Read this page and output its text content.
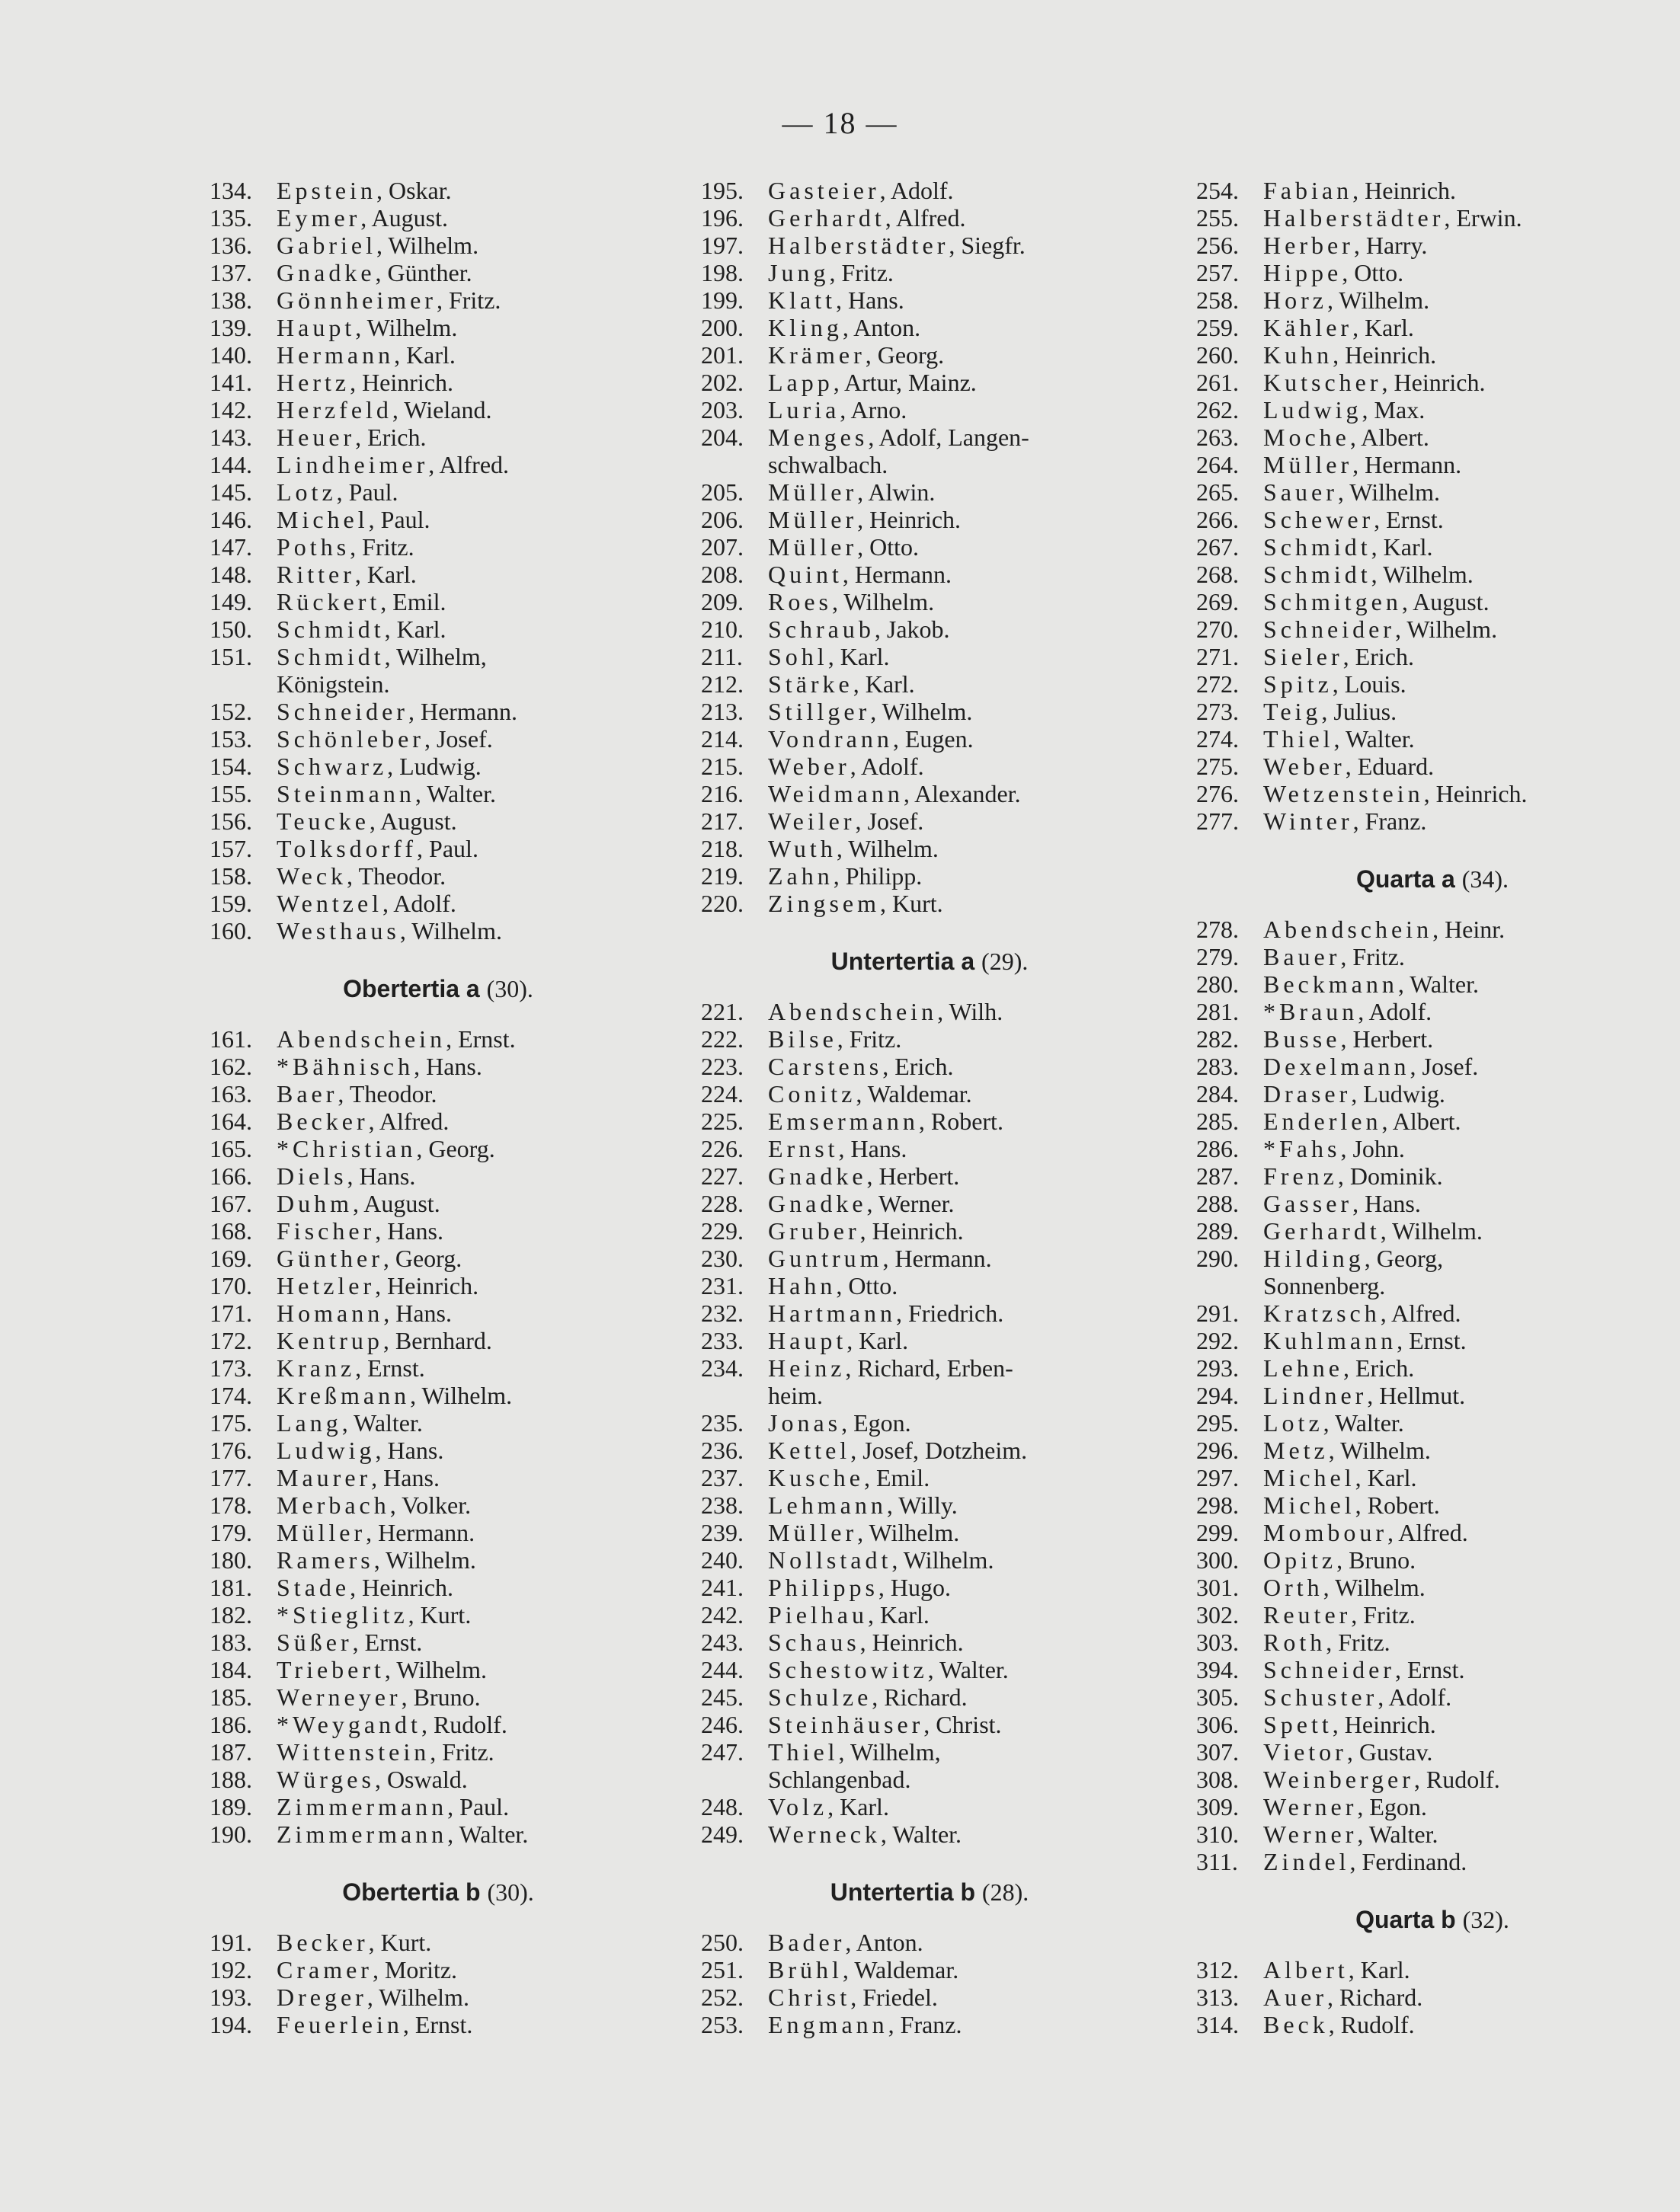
— 18 —
134.	Epstein, Oskar.
135.	Eymer, August.
136.	Gabriel, Wilhelm.
137.	Gnadke, Günther.
138.	Gönnheimer, Fritz.
139.	Haupt, Wilhelm.
140.	Hermann, Karl.
141.	Hertz, Heinrich.
142.	Herzfeld, Wieland.
143.	Heuer, Erich.
144.	Lindheimer, Alfred.
145.	Lotz, Paul.
146.	Michel, Paul.
147.	Poths, Fritz.
148.	Ritter, Karl.
149.	Rückert, Emil.
150.	Schmidt, Karl.
151.	Schmidt, Wilhelm,
Königstein.
152.	Schneider, Hermann.
153.	Schönleber, Josef.
154.	Schwarz, Ludwig.
155.	Steinmann, Walter.
156.	Teucke, August.
157.	Tolksdorff, Paul.
158.	Weck, Theodor.
159.	Wentzel, Adolf.
160.	Westhaus, Wilhelm.
Obertertia a (30).
161.	Abendschein, Ernst.
162.	*Bähnisch, Hans.
163.	Baer, Theodor.
164.	Becker, Alfred.
165.	*Christian, Georg.
166.	Diels, Hans.
167.	Duhm, August.
168.	Fischer, Hans.
169.	Günther, Georg.
170.	Hetzler, Heinrich.
171.	Homann, Hans.
172.	Kentrup, Bernhard.
173.	Kranz, Ernst.
174.	Kreßmann, Wilhelm.
175.	Lang, Walter.
176.	Ludwig, Hans.
177.	Maurer, Hans.
178.	Merbach, Volker.
179.	Müller, Hermann.
180.	Ramers, Wilhelm.
181.	Stade, Heinrich.
182.	*Stieglitz, Kurt.
183.	Süßer, Ernst.
184.	Triebert, Wilhelm.
185.	Werneyer, Bruno.
186.	*Weygandt, Rudolf.
187.	Wittenstein, Fritz.
188.	Würges, Oswald.
189.	Zimmermann, Paul.
190.	Zimmermann, Walter.
Obertertia b (30).
191.	Becker, Kurt.
192.	Cramer, Moritz.
193.	Dreger, Wilhelm.
194.	Feuerlein, Ernst.
195.	Gasteier, Adolf.
196.	Gerhardt, Alfred.
197.	Halberstädter, Siegfr.
198.	Jung, Fritz.
199.	Klatt, Hans.
200.	Kling, Anton.
201.	Krämer, Georg.
202.	Lapp, Artur, Mainz.
203.	Luria, Arno.
204.	Menges, Adolf, Langen-
schwalbach.
205.	Müller, Alwin.
206.	Müller, Heinrich.
207.	Müller, Otto.
208.	Quint, Hermann.
209.	Roes, Wilhelm.
210.	Schraub, Jakob.
211.	Sohl, Karl.
212.	Stärke, Karl.
213.	Stillger, Wilhelm.
214.	Vondrann, Eugen.
215.	Weber, Adolf.
216.	Weidmann, Alexander.
217.	Weiler, Josef.
218.	Wuth, Wilhelm.
219.	Zahn, Philipp.
220.	Zingsem, Kurt.
Untertertia a (29).
221.	Abendschein, Wilh.
222.	Bilse, Fritz.
223.	Carstens, Erich.
224.	Conitz, Waldemar.
225.	Emsermann, Robert.
226.	Ernst, Hans.
227.	Gnadke, Herbert.
228.	Gnadke, Werner.
229.	Gruber, Heinrich.
230.	Guntrum, Hermann.
231.	Hahn, Otto.
232.	Hartmann, Friedrich.
233.	Haupt, Karl.
234.	Heinz, Richard, Erben-
heim.
235.	Jonas, Egon.
236.	Kettel, Josef, Dotzheim.
237.	Kusche, Emil.
238.	Lehmann, Willy.
239.	Müller, Wilhelm.
240.	Nollstadt, Wilhelm.
241.	Philipps, Hugo.
242.	Pielhau, Karl.
243.	Schaus, Heinrich.
244.	Schestowitz, Walter.
245.	Schulze, Richard.
246.	Steinhäuser, Christ.
247.	Thiel, Wilhelm,
Schlangenbad.
248.	Volz, Karl.
249.	Werneck, Walter.
Untertertia b (28).
250.	Bader, Anton.
251.	Brühl, Waldemar.
252.	Christ, Friedel.
253.	Engmann, Franz.
254.	Fabian, Heinrich.
255.	Halberstädter, Erwin.
256.	Herber, Harry.
257.	Hippe, Otto.
258.	Horz, Wilhelm.
259.	Kähler, Karl.
260.	Kuhn, Heinrich.
261.	Kutscher, Heinrich.
262.	Ludwig, Max.
263.	Moche, Albert.
264.	Müller, Hermann.
265.	Sauer, Wilhelm.
266.	Schewer, Ernst.
267.	Schmidt, Karl.
268.	Schmidt, Wilhelm.
269.	Schmitgen, August.
270.	Schneider, Wilhelm.
271.	Sieler, Erich.
272.	Spitz, Louis.
273.	Teig, Julius.
274.	Thiel, Walter.
275.	Weber, Eduard.
276.	Wetzenstein, Heinrich.
277.	Winter, Franz.
Quarta a (34).
278.	Abendschein, Heinr.
279.	Bauer, Fritz.
280.	Beckmann, Walter.
281.	*Braun, Adolf.
282.	Busse, Herbert.
283.	Dexelmann, Josef.
284.	Draser, Ludwig.
285.	Enderlen, Albert.
286.	*Fahs, John.
287.	Frenz, Dominik.
288.	Gasser, Hans.
289.	Gerhardt, Wilhelm.
290.	Hilding, Georg,
Sonnenberg.
291.	Kratzsch, Alfred.
292.	Kuhlmann, Ernst.
293.	Lehne, Erich.
294.	Lindner, Hellmut.
295.	Lotz, Walter.
296.	Metz, Wilhelm.
297.	Michel, Karl.
298.	Michel, Robert.
299.	Mombour, Alfred.
300.	Opitz, Bruno.
301.	Orth, Wilhelm.
302.	Reuter, Fritz.
303.	Roth, Fritz.
394.	Schneider, Ernst.
305.	Schuster, Adolf.
306.	Spett, Heinrich.
307.	Vietor, Gustav.
308.	Weinberger, Rudolf.
309.	Werner, Egon.
310.	Werner, Walter.
311.	Zindel, Ferdinand.
Quarta b (32).
312.	Albert, Karl.
313.	Auer, Richard.
314.	Beck, Rudolf.
